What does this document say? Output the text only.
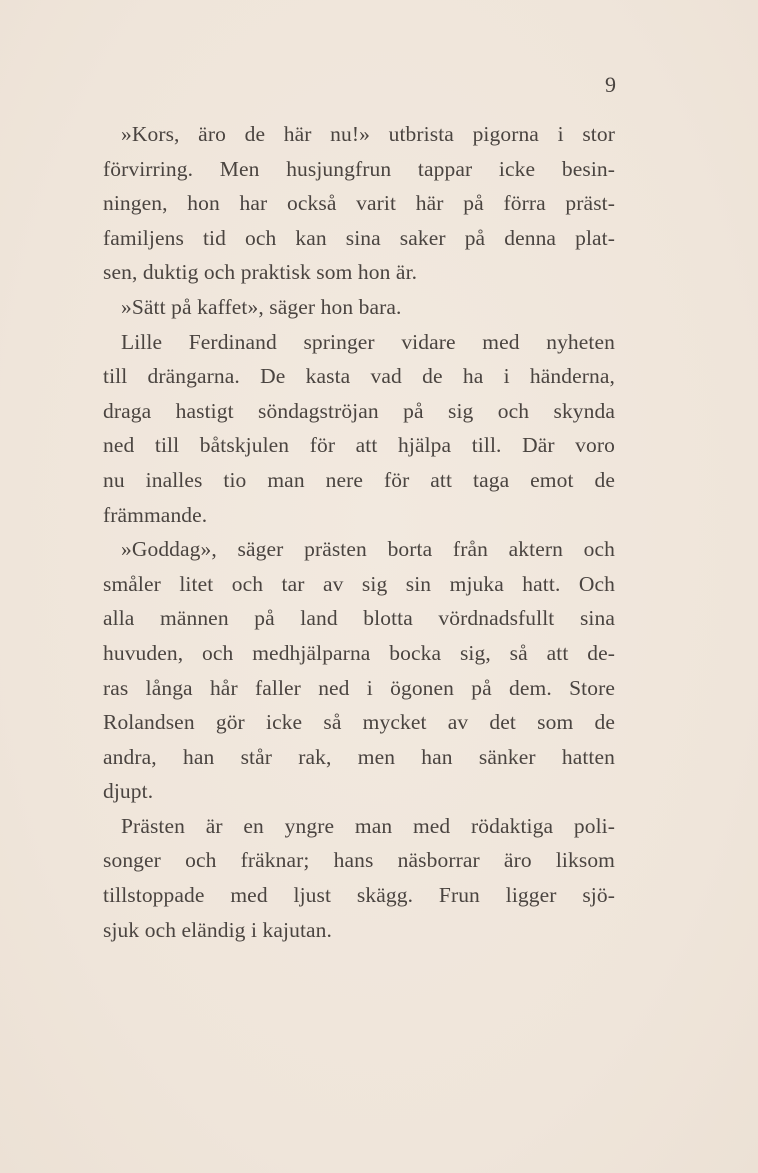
9
»Kors, äro de här nu!» utbrista pigorna i stor
förvirring. Men husjungfrun tappar icke besin-
ningen, hon har också varit här på förra präst-
familjens tid och kan sina saker på denna plat-
sen, duktig och praktisk som hon är.
»Sätt på kaffet», säger hon bara.
Lille Ferdinand springer vidare med nyheten
till drängarna. De kasta vad de ha i händerna,
draga hastigt söndagströjan på sig och skynda
ned till båtskjulen för att hjälpa till. Där voro
nu inalles tio man nere för att taga emot de
främmande.
»Goddag», säger prästen borta från aktern och
småler litet och tar av sig sin mjuka hatt. Och
alla männen på land blotta vördnadsfullt sina
huvuden, och medhjälparna bocka sig, så att de-
ras långa hår faller ned i ögonen på dem. Store
Rolandsen gör icke så mycket av det som de
andra, han står rak, men han sänker hatten
djupt.
Prästen är en yngre man med rödaktiga poli-
songer och fräknar; hans näsborrar äro liksom
tillstoppade med ljust skägg. Frun ligger sjö-
sjuk och eländig i kajutan.
